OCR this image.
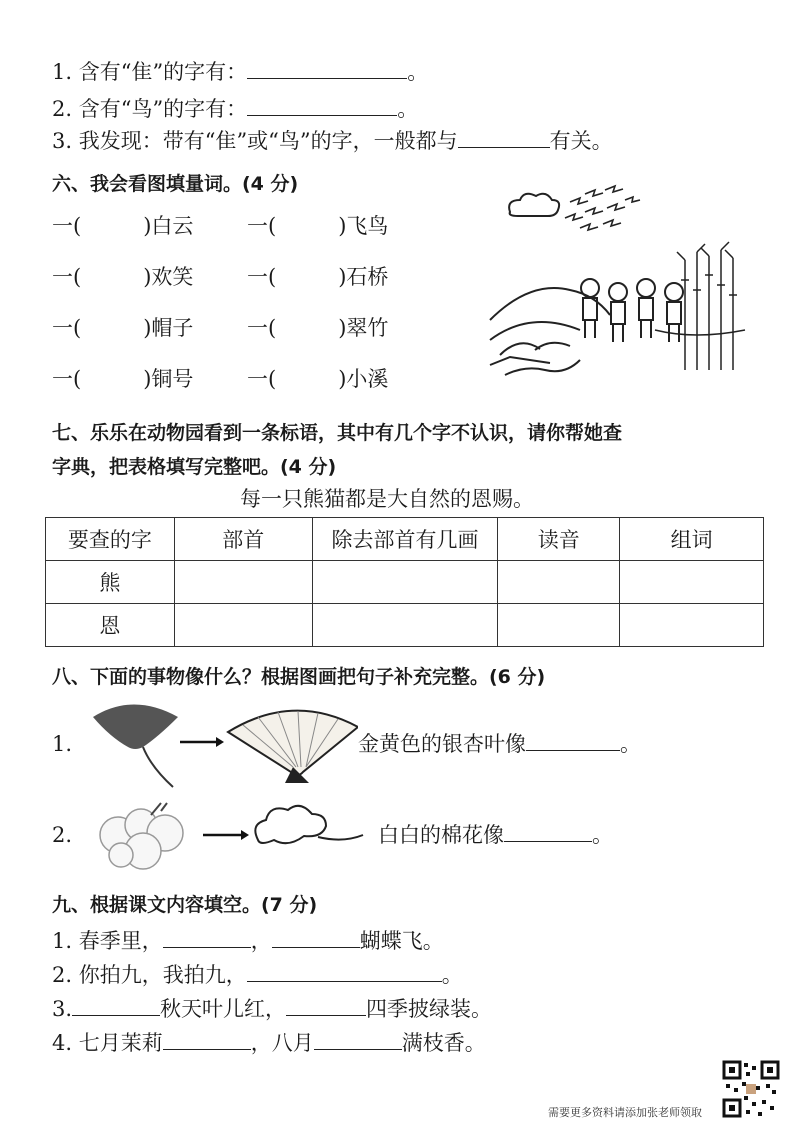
1. 含有“隹”的字有：	。
2. 含有“鸟”的字有：	。
3. 我发现：带有“隹”或“鸟”的字，一般都与	有关。
六、我会看图填量词。(4 分)
一(	)白云	一(	)飞鸟
一(	)欢笑	一(	)石桥
一(	)帽子	一(	)翠竹
一(	)铜号	一(	)小溪
七、乐乐在动物园看到一条标语，其中有几个字不认识，请你帮她查
字典，把表格填写完整吧。(4 分)
每一只熊猫都是大自然的恩赐。
要查的字	部首	除去部首有几画	读音	组词
熊				
恩				
八、下面的事物像什么？根据图画把句子补充完整。(6 分)
1.	金黄色的银杏叶像	。
2.	白白的棉花像	。
九、根据课文内容填空。(7 分)
1. 春季里，	，	蝴蝶飞。
2. 你拍九，我拍九，	。
3.	秋天叶儿红，	四季披绿装。
4. 七月茉莉	，八月	满枝香。
需要更多资料请添加张老师领取
